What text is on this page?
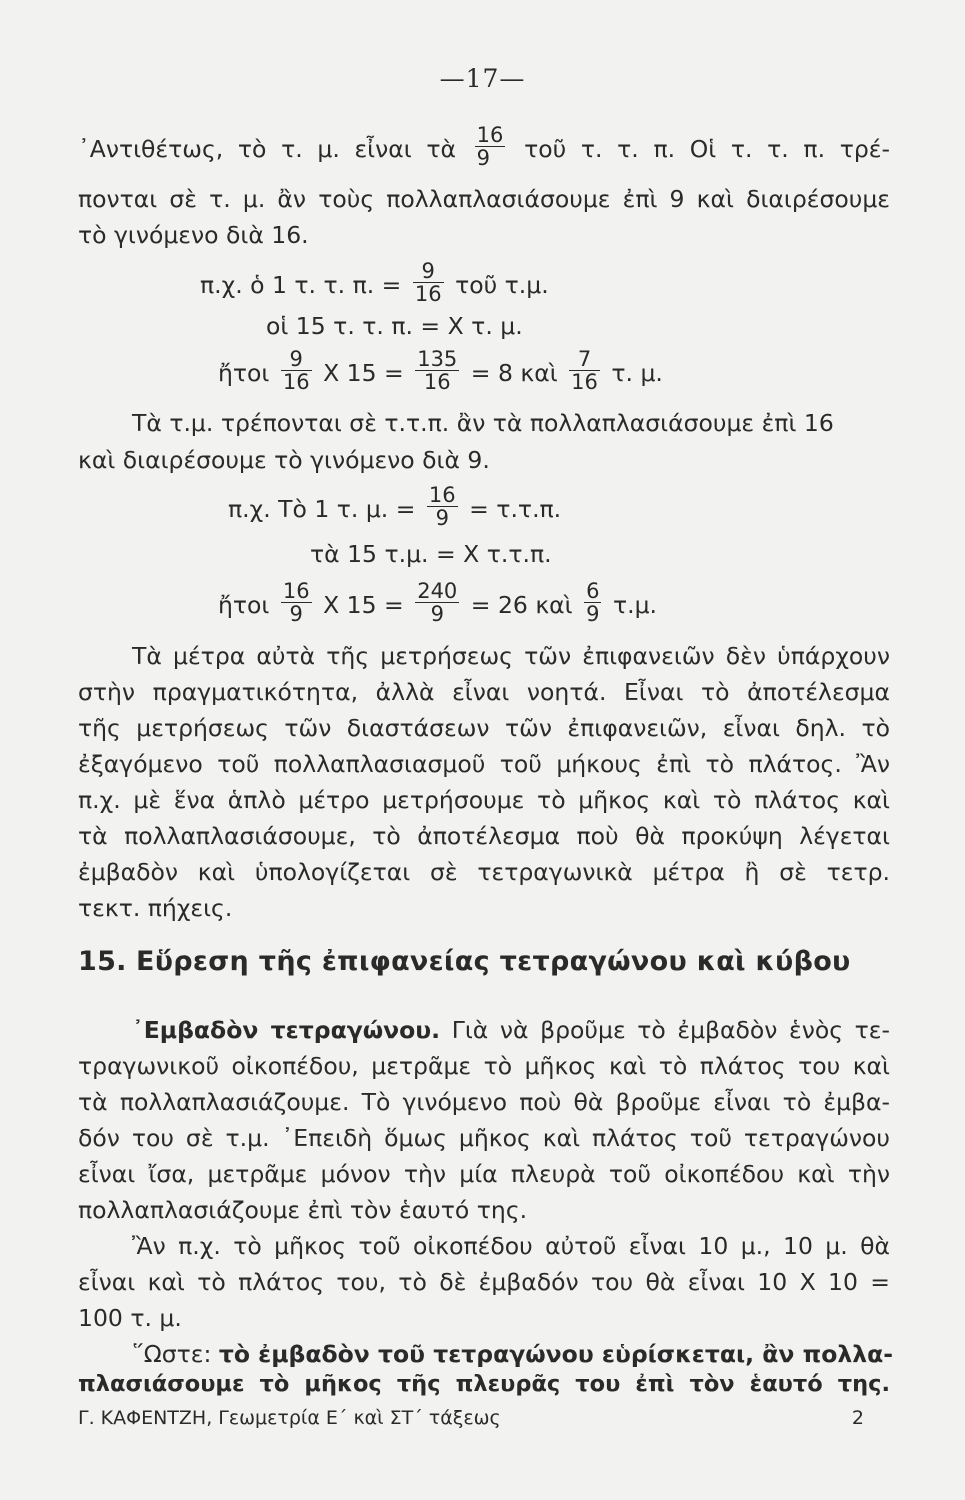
—17—
᾿Αντιθέτως, τὸ τ. μ. εἶναι τὰ $\frac{16}{9}$ τοῦ τ. τ. π. Οἱ τ. τ. π. τρέ-
πονται σὲ τ. μ. ἂν τοὺς πολλαπλασιάσουμε ἐπὶ 9 καὶ διαιρέσουμε
τὸ γινόμενο διὰ 16.
π.χ. ὁ 1 τ. τ. π. = $\frac{9}{16}$ τοῦ τ.μ.
οἱ 15 τ. τ. π. = X τ. μ.
ἤτοι $\frac{9}{16}$ X $15 = \frac{135}{16} = 8$ καὶ $\frac{7}{16} \tau$. μ.
Τὰ τ.μ. τρέπονται σὲ τ.τ.π. ἂν τὰ πολλαπλασιάσουμε ἐπὶ 16
καὶ διαιρέσουμε τὸ γινόμενο διὰ 9.
π.χ. Τὸ 1 τ. μ. = $\frac{16}{9} = \tau.\tau.\pi$.
τὰ 15 τ.μ. = X τ.τ.π.
ἤτοι $\frac{16}{9}$ X $15 = \frac{240}{9} = 26$ καὶ $\frac{6}{9} \tau.\mu$.
Τὰ μέτρα αὐτὰ τῆς μετρήσεως τῶν ἐπιφανειῶν δὲν ὑπάρχουν
στὴν πραγματικότητα, ἀλλὰ εἶναι νοητά. Εἶναι τὸ ἀποτέλεσμα
τῆς μετρήσεως τῶν διαστάσεων τῶν ἐπιφανειῶν, εἶναι δηλ. τὸ
ἐξαγόμενο τοῦ πολλαπλασιασμοῦ τοῦ μήκους ἐπὶ τὸ πλάτος. Ἂν
π.χ. μὲ ἕνα ἁπλὸ μέτρο μετρήσουμε τὸ μῆκος καὶ τὸ πλάτος καὶ
τὰ πολλαπλασιάσουμε, τὸ ἀποτέλεσμα ποὺ θὰ προκύψη λέγεται
ἐμβαδὸν καὶ ὑπολογίζεται σὲ τετραγωνικὰ μέτρα ἢ σὲ τετρ.
τεκτ. πήχεις.
15. Εὕρεση τῆς ἐπιφανείας τετραγώνου καὶ κύβου
᾿Εμβαδὸν τετραγώνου. Γιὰ νὰ βροῦμε τὸ ἐμβαδὸν ἑνὸς τε-
τραγωνικοῦ οἰκοπέδου, μετρᾶμε τὸ μῆκος καὶ τὸ πλάτος του καὶ
τὰ πολλαπλασιάζουμε. Τὸ γινόμενο ποὺ θὰ βροῦμε εἶναι τὸ ἐμβα-
δόν του σὲ τ.μ. ᾿Επειδὴ ὅμως μῆκος καὶ πλάτος τοῦ τετραγώνου
εἶναι ἴσα, μετρᾶμε μόνον τὴν μία πλευρὰ τοῦ οἰκοπέδου καὶ τὴν
πολλαπλασιάζουμε ἐπὶ τὸν ἑαυτό της.
Ἂν π.χ. τὸ μῆκος τοῦ οἰκοπέδου αὐτοῦ εἶναι 10 μ., 10 μ. θὰ
εἶναι καὶ τὸ πλάτος του, τὸ δὲ ἐμβαδόν του θὰ εἶναι 10 X 10 =
100 τ. μ.
῞Ωστε: τὸ ἐμβαδὸν τοῦ τετραγώνου εὑρίσκεται, ἂν πολλα-
πλασιάσουμε τὸ μῆκος τῆς πλευρᾶς του ἐπὶ τὸν ἑαυτό της.
Γ. ΚΑΦΕΝΤΖΗ, Γεωμετρία Ε΄ καὶ ΣΤ΄ τάξεως	2
